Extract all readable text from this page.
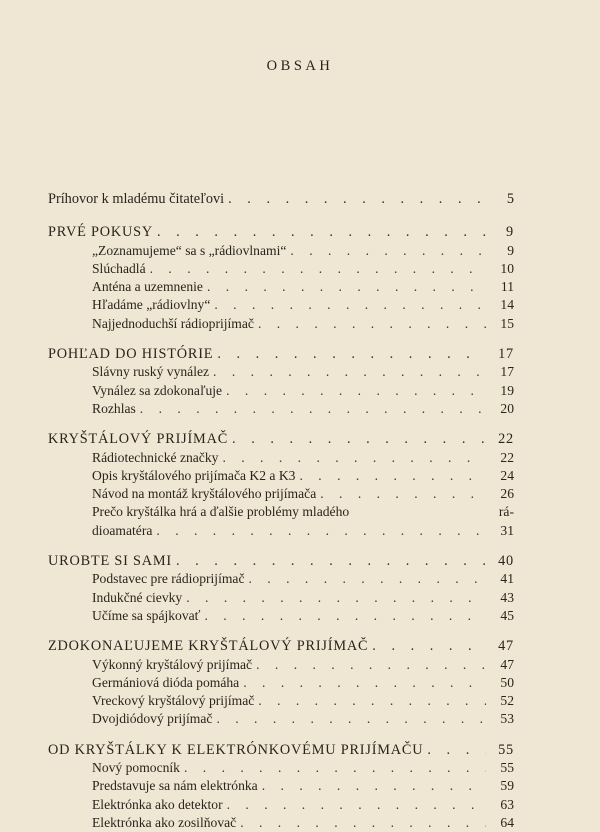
OBSAH
Príhovor k mladému čitateľovi . . .	5
PRVÉ POKUSY . . .	9
„Zoznamujeme“ sa s „rádiovlnami“ . . .	9
Slúchadlá . . .	10
Anténa a uzemnenie . . .	11
Hľadáme „rádiovlny“ . . .	14
Najjednoduchší rádioprijímač . . .	15
POHĽAD DO HISTÓRIE . . .	17
Slávny ruský vynález . . .	17
Vynález sa zdokonaľuje . . .	19
Rozhlas . . .	20
KRYŠTÁLOVÝ PRIJÍMAČ . . .	22
Rádiotechnické značky . . .	22
Opis kryštálového prijímača K2 a K3 . . .	24
Návod na montáž kryštálového prijímača . . .	26
Prečo kryštálka hrá a ďalšie problémy mladého	rá-
dioamatéra . . .	31
UROBTE SI SAMI . . .	40
Podstavec pre rádioprijímač . . .	41
Indukčné cievky . . .	43
Učíme sa spájkovať . . .	45
ZDOKONAĽUJEME KRYŠTÁLOVÝ PRIJÍMAČ . . .	47
Výkonný kryštálový prijímač . . .	47
Germániová dióda pomáha . . .	50
Vreckový kryštálový prijímač . . .	52
Dvojdiódový prijímač . . .	53
OD KRYŠTÁLKY K ELEKTRÓNKOVÉMU PRIJÍMAČU . . .	55
Nový pomocník . . .	55
Predstavuje sa nám elektrónka . . .	59
Elektrónka ako detektor . . .	63
Elektrónka ako zosilňovač . . .	64
